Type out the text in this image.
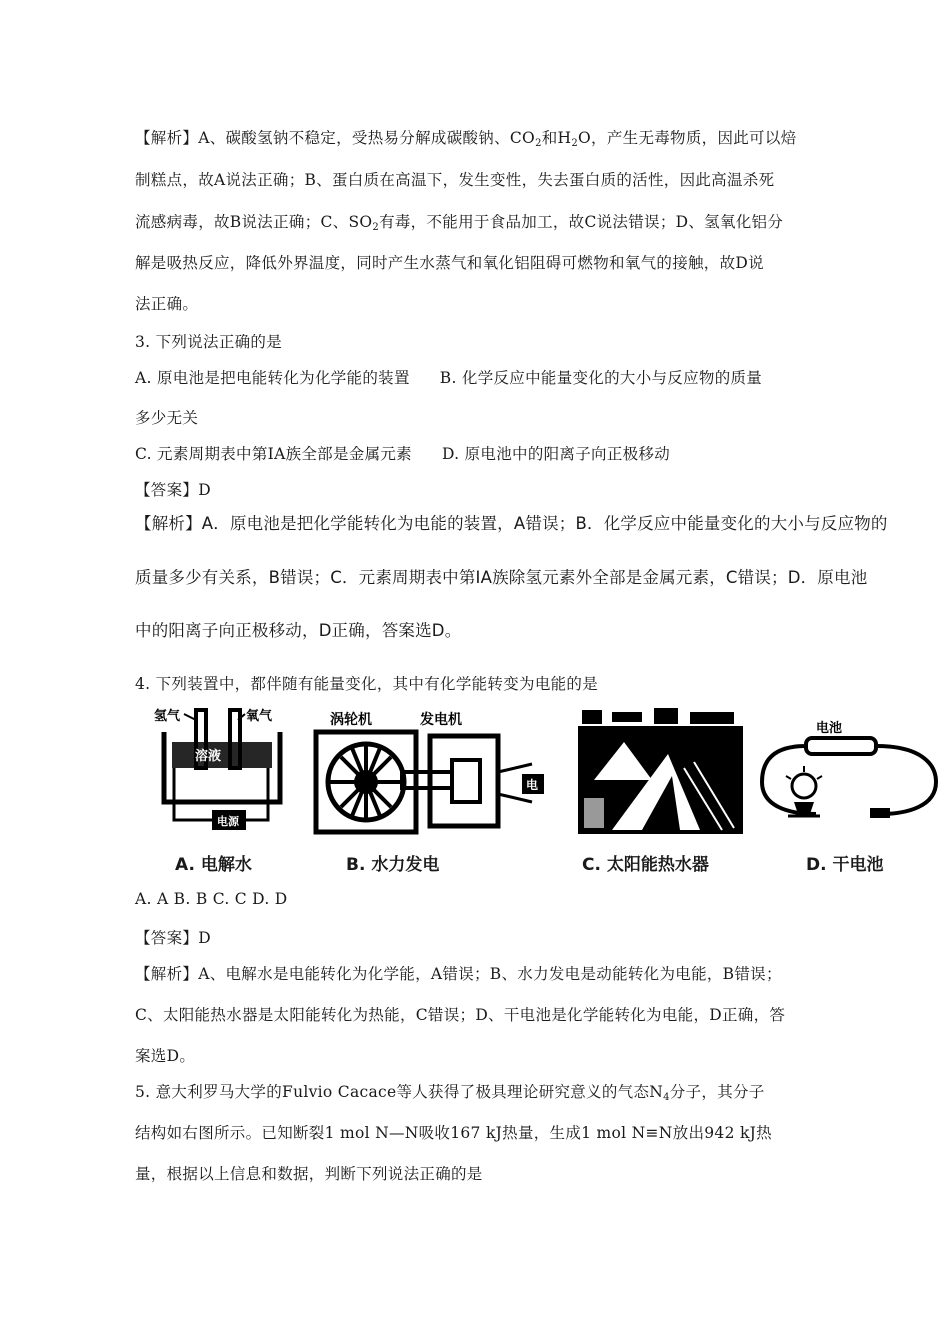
【解析】A、碳酸氢钠不稳定，受热易分解成碳酸钠、$CO_2$和$H_2O$，产生无毒物质，因此可以焙
制糕点，故A说法正确；B、蛋白质在高温下，发生变性，失去蛋白质的活性，因此高温杀死
流感病毒，故B说法正确；C、$SO_2$有毒，不能用于食品加工，故C说法错误；D、氢氧化铝分
解是吸热反应，降低外界温度，同时产生水蒸气和氧化铝阻碍可燃物和氧气的接触，故D说
法正确。
3. 下列说法正确的是
A. 原电池是把电能转化为化学能的装置 B. 化学反应中能量变化的大小与反应物的质量
多少无关
C. 元素周期表中第ⅠA族全部是金属元素 D. 原电池中的阳离子向正极移动
【答案】D
【解析】A．原电池是把化学能转化为电能的装置，A错误；B．化学反应中能量变化的大小与反应物的
质量多少有关系，B错误；C．元素周期表中第ⅠA族除氢元素外全部是金属元素，C错误；D．原电池
中的阳离子向正极移动，D正确，答案选D。
4. 下列装置中，都伴随有能量变化，其中有化学能转变为电能的是
氢气	氧气
溶液
电源
A. 电解水
涡轮机	发电机
电
B. 水力发电	C. 太阳能热水器
电池
D. 干电池
A. A B. B C. C D. D
【答案】D
【解析】A、电解水是电能转化为化学能，A错误；B、水力发电是动能转化为电能，B错误；
C、太阳能热水器是太阳能转化为热能，C错误；D、干电池是化学能转化为电能，D正确，答
案选D。
5. 意大利罗马大学的Fulvio Cacace等人获得了极具理论研究意义的气态$N_4$分子，其分子
结构如右图所示。已知断裂1 mol N—N吸收167 kJ热量，生成1 mol N≡N放出942 kJ热
量，根据以上信息和数据，判断下列说法正确的是
